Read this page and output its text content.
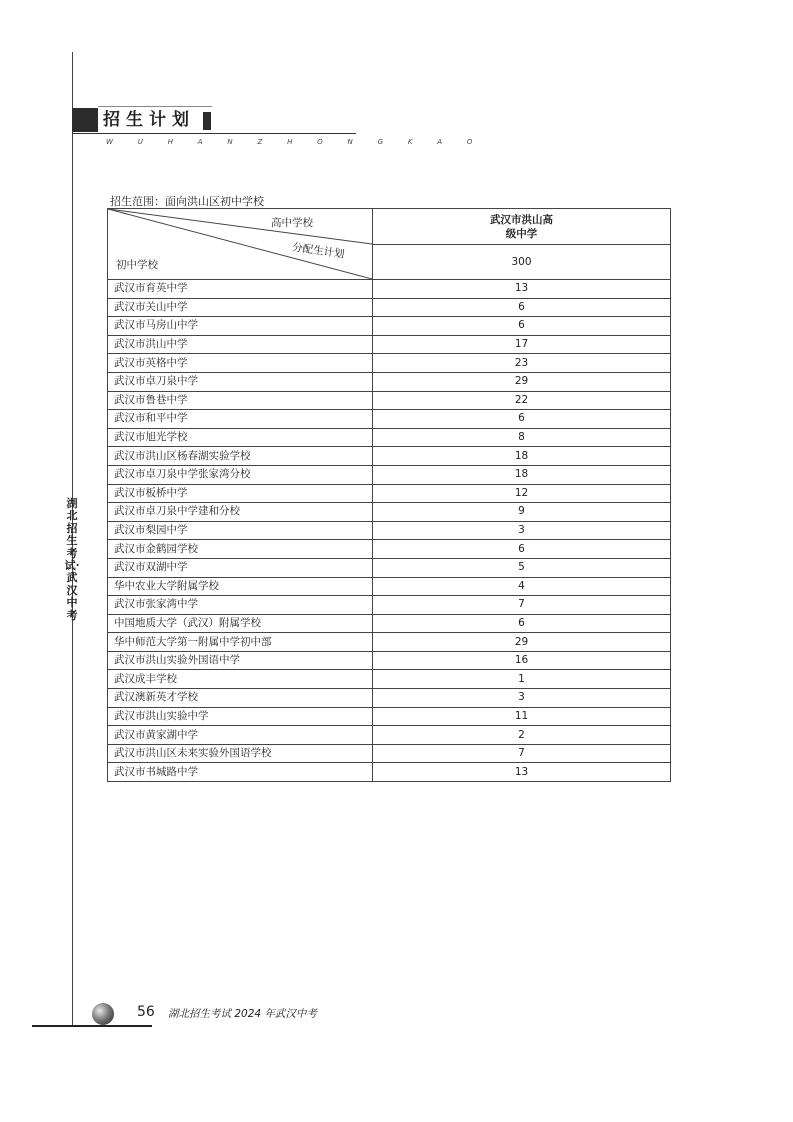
招生计划
W U H A N Z H O N G K A O
湖北招生考试·武汉中考
招生范围：面向洪山区初中学校
高中学校
分配生计划
初中学校	武汉市洪山高级中学
	300
武汉市育英中学	13
武汉市关山中学	6
武汉市马房山中学	6
武汉市洪山中学	17
武汉市英格中学	23
武汉市卓刀泉中学	29
武汉市鲁巷中学	22
武汉市和平中学	6
武汉市旭光学校	8
武汉市洪山区杨春湖实验学校	18
武汉市卓刀泉中学张家湾分校	18
武汉市板桥中学	12
武汉市卓刀泉中学建和分校	9
武汉市梨园中学	3
武汉市金鹤园学校	6
武汉市双湖中学	5
华中农业大学附属学校	4
武汉市张家湾中学	7
中国地质大学（武汉）附属学校	6
华中师范大学第一附属中学初中部	29
武汉市洪山实验外国语中学	16
武汉成丰学校	1
武汉澳新英才学校	3
武汉市洪山实验中学	11
武汉市黄家湖中学	2
武汉市洪山区未来实验外国语学校	7
武汉市书城路中学	13
56 湖北招生考试 2024 年武汉中考
